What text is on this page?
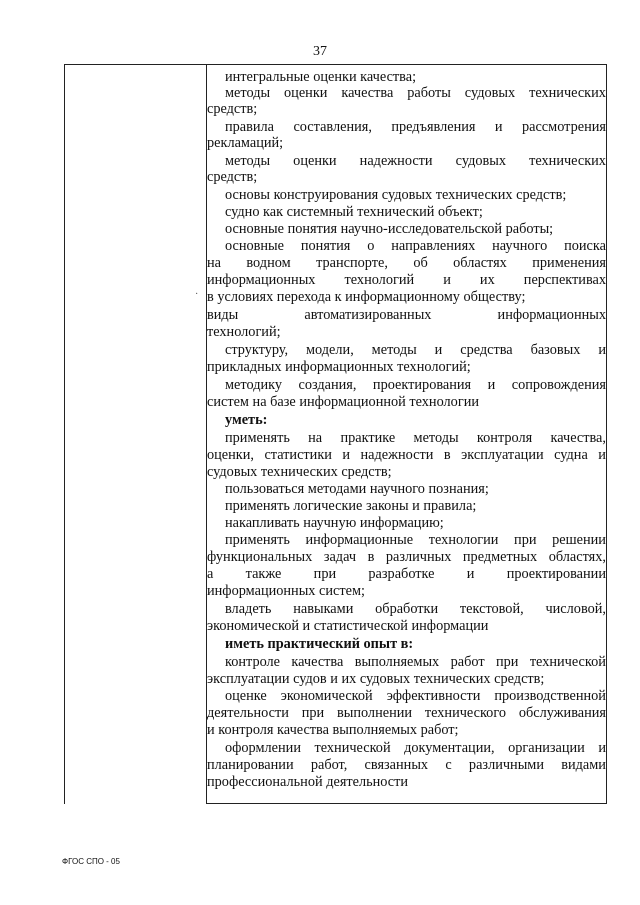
37
·
интегральные оценки качества;
методы оценки качества работы судовых технических
средств;
правила составления, предъявления и рассмотрения
рекламаций;
методы оценки надежности судовых технических
средств;
основы конструирования судовых технических средств;
судно как системный технический объект;
основные понятия научно-исследовательской работы;
основные понятия о направлениях научного поиска
на водном транспорте, об областях применения
информационных технологий и их перспективах
в условиях перехода к информационному обществу;
виды	автоматизированных	информационных
технологий;
структуру, модели, методы и средства базовых и
прикладных информационных технологий;
методику создания, проектирования и сопровождения
систем на базе информационной технологии
уметь:
применять на практике методы контроля качества,
оценки, статистики и надежности в эксплуатации судна и
судовых технических средств;
пользоваться методами научного познания;
применять логические законы и правила;
накапливать научную информацию;
применять информационные технологии при решении
функциональных задач в различных предметных областях,
а также при разработке и проектировании
информационных систем;
владеть навыками обработки текстовой, числовой,
экономической и статистической информации
иметь практический опыт в:
контроле качества выполняемых работ при технической
эксплуатации судов и их судовых технических средств;
оценке экономической эффективности производственной
деятельности при выполнении технического обслуживания
и контроля качества выполняемых работ;
оформлении технической документации, организации и
планировании работ, связанных с различными видами
профессиональной деятельности
ФГОС СПО - 05
